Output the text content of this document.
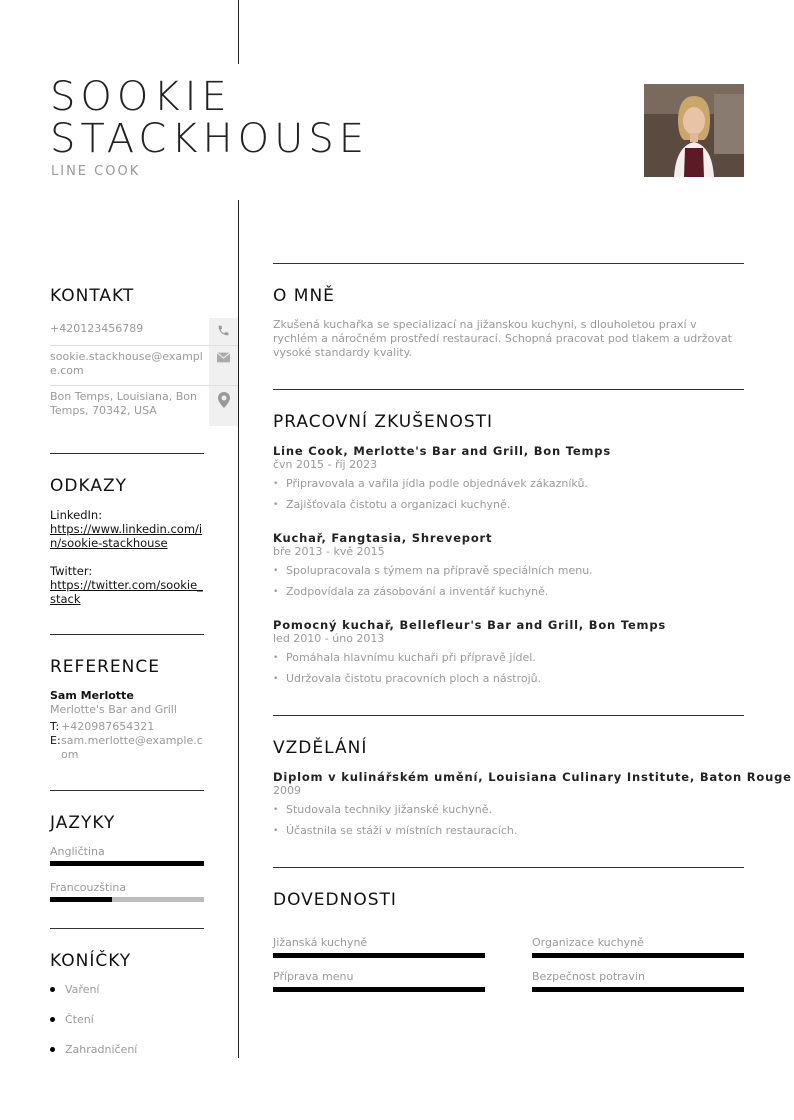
SOOKIE
STACKHOUSE
LINE COOK
KONTAKT
+420123456789
sookie.stackhouse@example.com
Bon Temps, Louisiana, Bon Temps, 70342, USA
ODKAZY
LinkedIn:
https://www.linkedin.com/in/sookie-stackhouse
Twitter:
https://twitter.com/sookie_stack
REFERENCE
Sam Merlotte
Merlotte's Bar and Grill
T: +420987654321
E: sam.merlotte@example.com
JAZYKY
Angličtina
Francouzština
KONÍČKY
Vaření
Čtení
Zahradničení
O MNĚ
Zkušená kuchařka se specializací na jižanskou kuchyni, s dlouholetou praxí v rychlém a náročném prostředí restaurací. Schopná pracovat pod tlakem a udržovat vysoké standardy kvality.
PRACOVNÍ ZKUŠENOSTI
Line Cook, Merlotte's Bar and Grill, Bon Temps
čvn 2015 - říj 2023
• Připravovala a vařila jídla podle objednávek zákazníků.
• Zajišťovala čistotu a organizaci kuchyně.
Kuchař, Fangtasia, Shreveport
bře 2013 - kvě 2015
• Spolupracovala s týmem na přípravě speciálních menu.
• Zodpovídala za zásobování a inventář kuchyně.
Pomocný kuchař, Bellefleur's Bar and Grill, Bon Temps
led 2010 - úno 2013
• Pomáhala hlavnímu kuchaři při přípravě jídel.
• Udržovala čistotu pracovních ploch a nástrojů.
VZDĚLÁNÍ
Diplom v kulinářském umění, Louisiana Culinary Institute, Baton Rouge
2009
• Studovala techniky jižanské kuchyně.
• Účastnila se stáží v místních restauracích.
DOVEDNOSTI
Jižanská kuchyně	Organizace kuchyně
Příprava menu	Bezpečnost potravin
